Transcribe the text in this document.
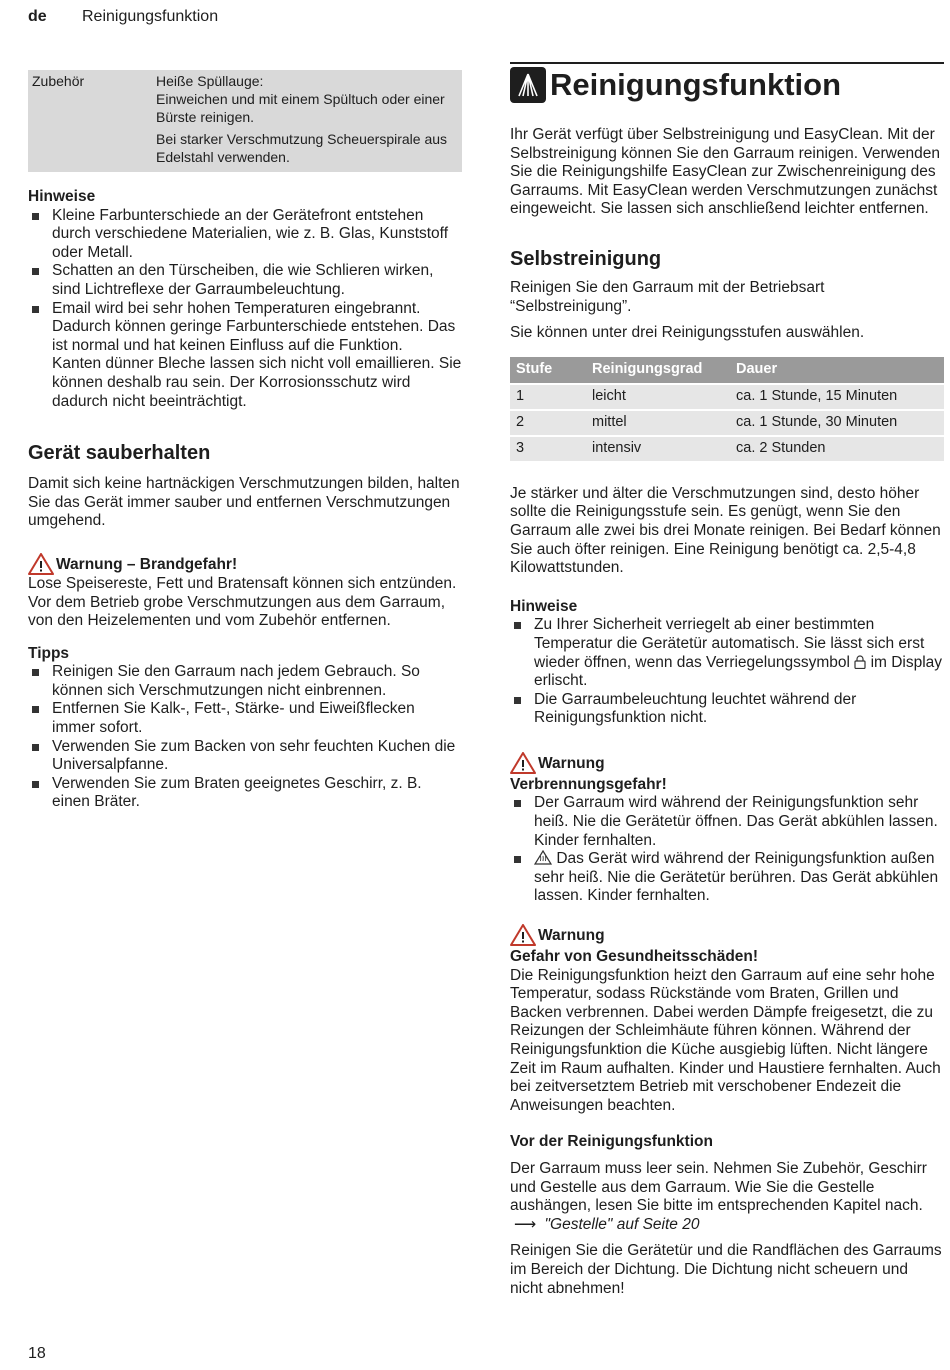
de Reinigungsfunktion
Zubehör	Heiße Spüllauge:
Einweichen und mit einem Spültuch oder einer
Bürste reinigen.
Bei starker Verschmutzung Scheuerspirale aus
Edelstahl verwenden.
Hinweise
Kleine Farbunterschiede an der Gerätefront entstehen durch verschiedene Materialien, wie z. B. Glas, Kunststoff oder Metall.
Schatten an den Türscheiben, die wie Schlieren wirken, sind Lichtreflexe der Garraumbeleuchtung.
Email wird bei sehr hohen Temperaturen eingebrannt. Dadurch können geringe Farbunterschiede entstehen. Das ist normal und hat keinen Einfluss auf die Funktion.
Kanten dünner Bleche lassen sich nicht voll emaillieren. Sie können deshalb rau sein. Der Korrosionsschutz wird dadurch nicht beeinträchtigt.
Gerät sauberhalten

Damit sich keine hartnäckigen Verschmutzungen bilden, halten Sie das Gerät immer sauber und entfernen Verschmutzungen umgehend.

Warnung – Brandgefahr!

Lose Speisereste, Fett und Bratensaft können sich entzünden. Vor dem Betrieb grobe Verschmutzungen aus dem Garraum, von den Heizelementen und vom Zubehör entfernen.

Tipps
Reinigen Sie den Garraum nach jedem Gebrauch. So können sich Verschmutzungen nicht einbrennen.
Entfernen Sie Kalk-, Fett-, Stärke- und Eiweißflecken immer sofort.
Verwenden Sie zum Backen von sehr feuchten Kuchen die Universalpfanne.
Verwenden Sie zum Braten geeignetes Geschirr, z. B. einen Bräter.
Reinigungsfunktion

Ihr Gerät verfügt über Selbstreinigung und EasyClean. Mit der Selbstreinigung können Sie den Garraum reinigen. Verwenden Sie die Reinigungshilfe EasyClean zur Zwischenreinigung des Garraums. Mit EasyClean werden Verschmutzungen zunächst eingeweicht. Sie lassen sich anschließend leichter entfernen.

Selbstreinigung

Reinigen Sie den Garraum mit der Betriebsart “Selbstreinigung”.

Sie können unter drei Reinigungsstufen auswählen.

Stufe	Reinigungsgrad	Dauer
1	leicht	ca. 1 Stunde, 15 Minuten
2	mittel	ca. 1 Stunde, 30 Minuten
3	intensiv	ca. 2 Stunden

Je stärker und älter die Verschmutzungen sind, desto höher sollte die Reinigungsstufe sein. Es genügt, wenn Sie den Garraum alle zwei bis drei Monate reinigen. Bei Bedarf können Sie auch öfter reinigen. Eine Reinigung benötigt ca. 2,5-4,8 Kilowattstunden.

Hinweise
Zu Ihrer Sicherheit verriegelt ab einer bestimmten Temperatur die Gerätetür automatisch. Sie lässt sich erst wieder öffnen, wenn das Verriegelungssymbol im Display erlischt.
Die Garraumbeleuchtung leuchtet während der Reinigungsfunktion nicht.
Warnung
Verbrennungsgefahr!
Der Garraum wird während der Reinigungsfunktion sehr heiß. Nie die Gerätetür öffnen. Das Gerät abkühlen lassen. Kinder fernhalten.
Das Gerät wird während der Reinigungsfunktion außen sehr heiß. Nie die Gerätetür berühren. Das Gerät abkühlen lassen. Kinder fernhalten.
Warnung
Gefahr von Gesundheitsschäden!

Die Reinigungsfunktion heizt den Garraum auf eine sehr hohe Temperatur, sodass Rückstände vom Braten, Grillen und Backen verbrennen. Dabei werden Dämpfe freigesetzt, die zu Reizungen der Schleimhäute führen können. Während der Reinigungsfunktion die Küche ausgiebig lüften. Nicht längere Zeit im Raum aufhalten. Kinder und Haustiere fernhalten. Auch bei zeitversetztem Betrieb mit verschobener Endezeit die Anweisungen beachten.

Vor der Reinigungsfunktion

Der Garraum muss leer sein. Nehmen Sie Zubehör, Geschirr und Gestelle aus dem Garraum. Wie Sie die Gestelle aushängen, lesen Sie bitte im entsprechenden Kapitel nach. ⟶ "Gestelle" auf Seite 20

Reinigen Sie die Gerätetür und die Randflächen des Garraums im Bereich der Dichtung. Die Dichtung nicht scheuern und nicht abnehmen!

18
